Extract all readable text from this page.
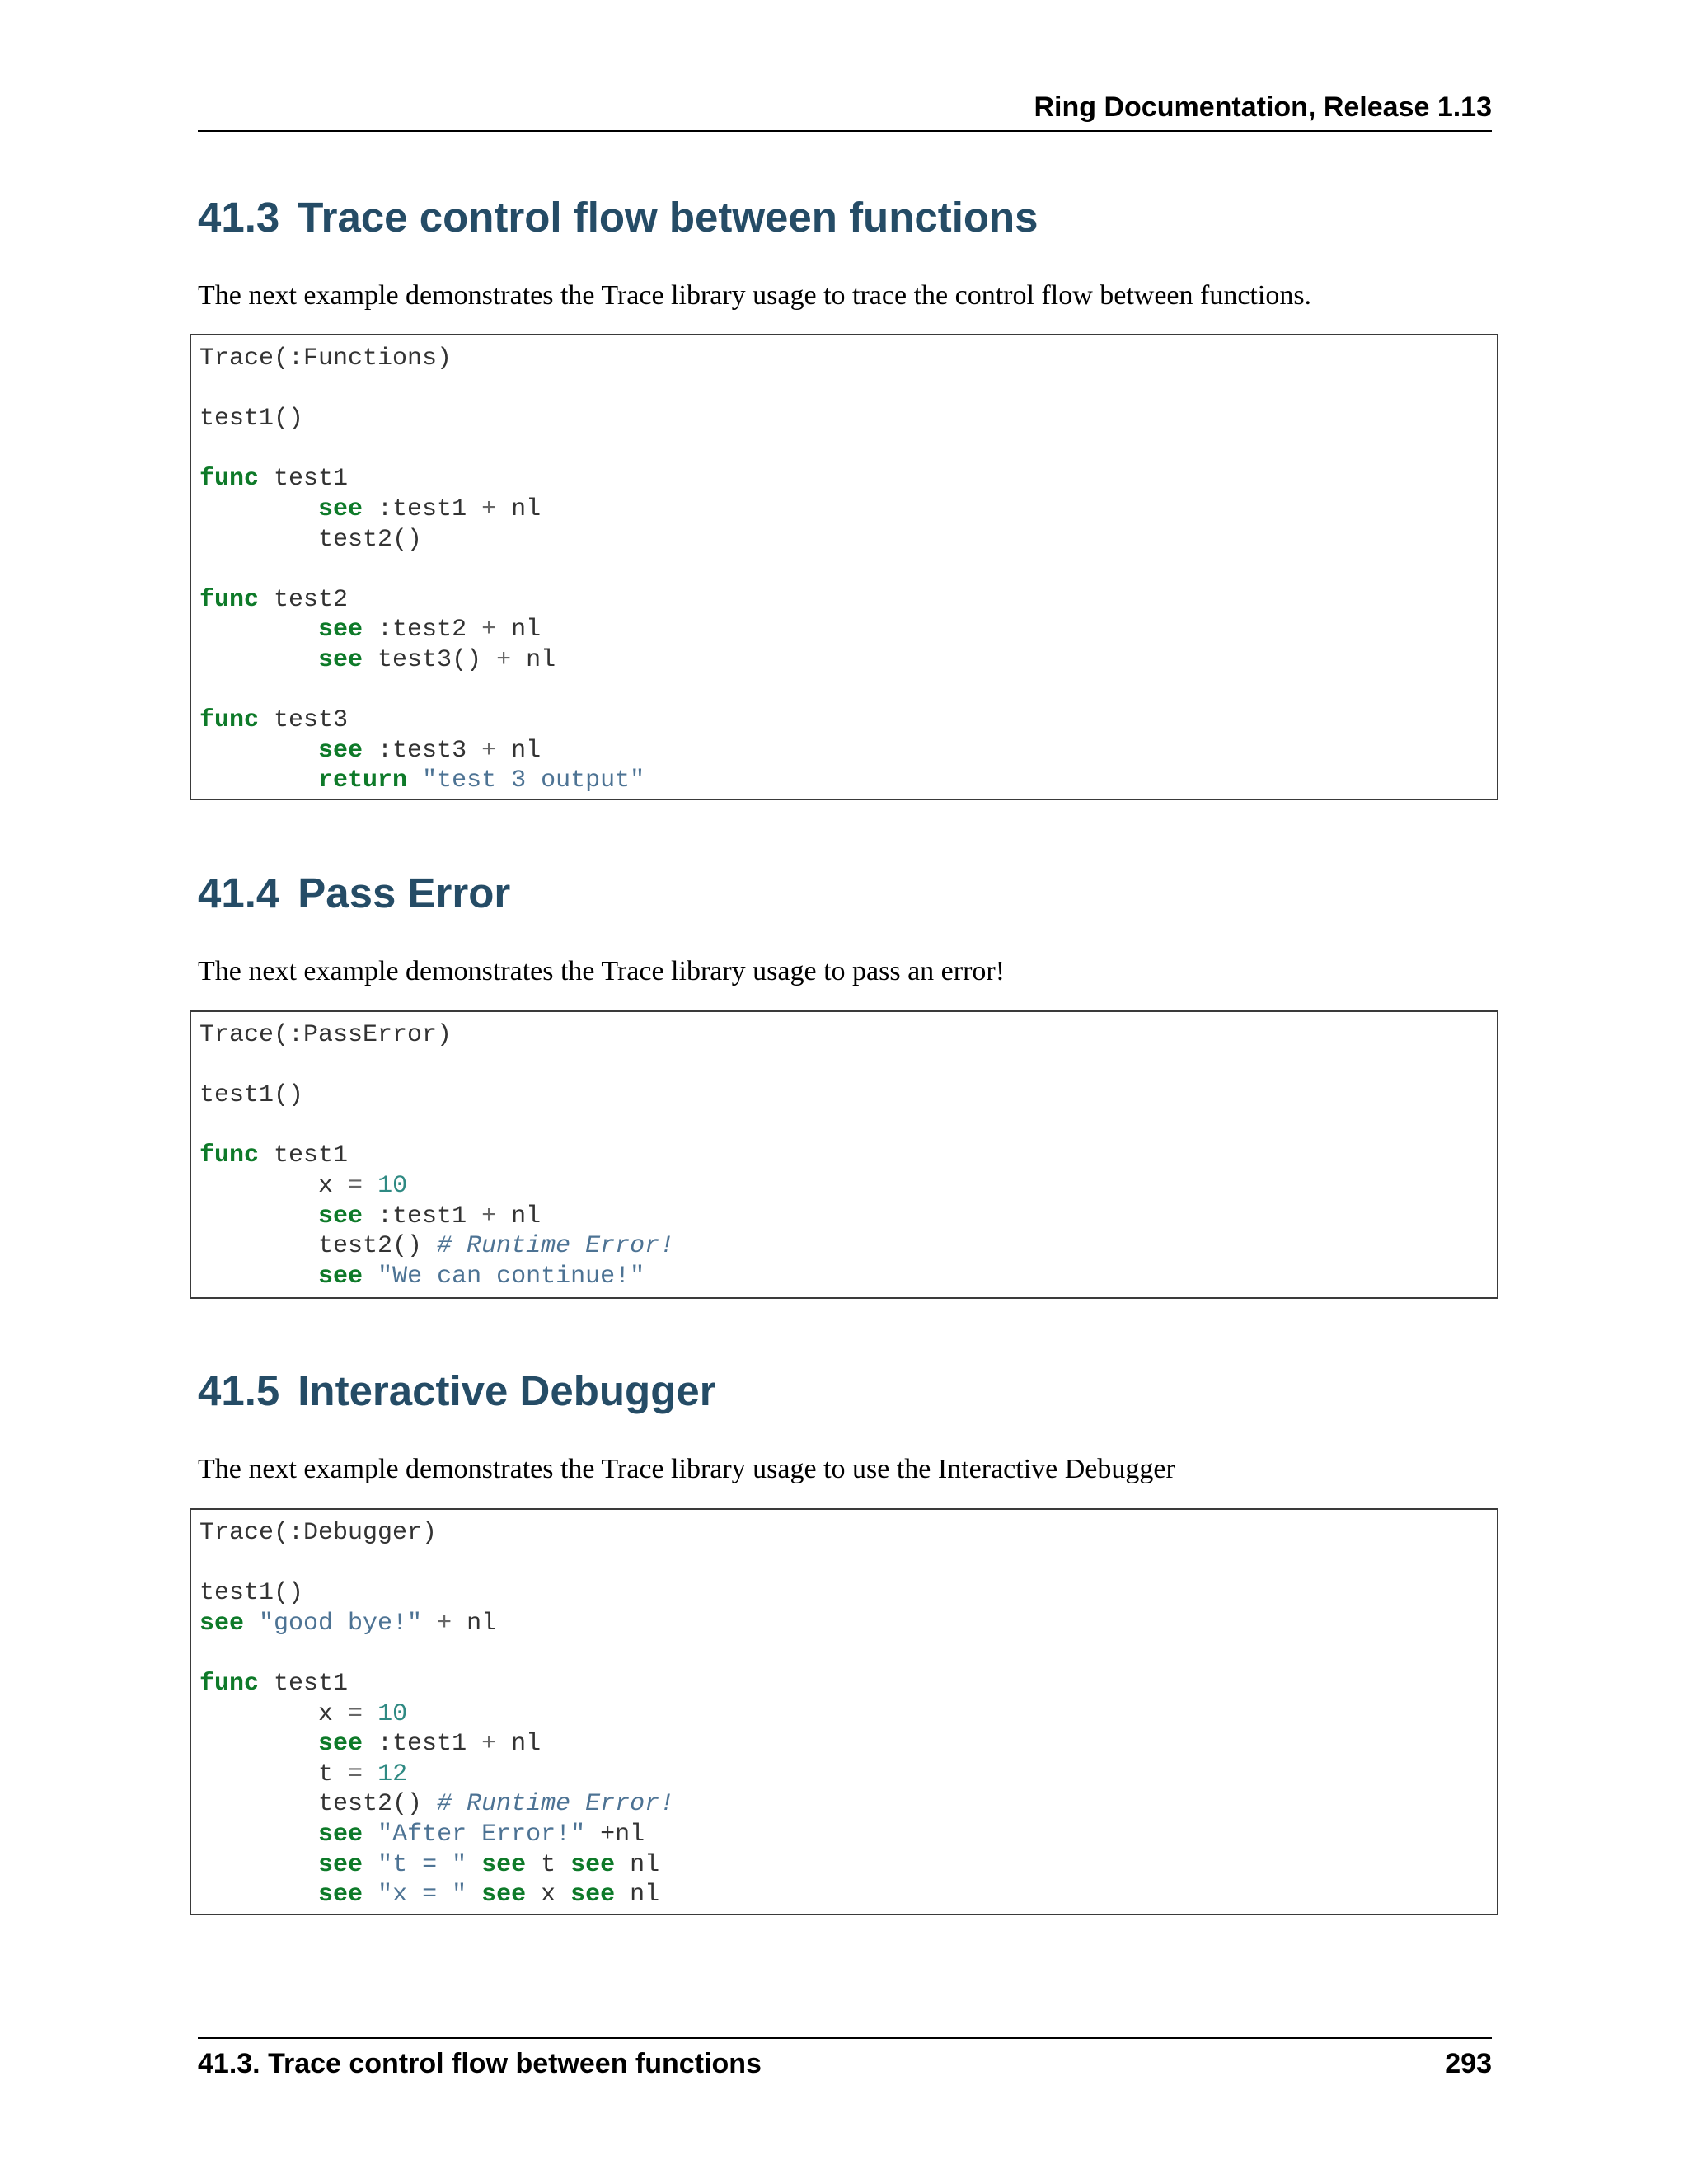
Ring Documentation, Release 1.13
41.3 Trace control flow between functions

The next example demonstrates the Trace library usage to trace the control flow between functions.

Trace(:Functions)

test1()

func test1
see :test1 + nl
test2()

func test2
see :test2 + nl
see test3() + nl

func test3
see :test3 + nl
return "test 3 output"
41.4 Pass Error

The next example demonstrates the Trace library usage to pass an error!

Trace(:PassError)

test1()

func test1
x = 10
see :test1 + nl
test2() # Runtime Error!
see "We can continue!"
41.5 Interactive Debugger

The next example demonstrates the Trace library usage to use the Interactive Debugger

Trace(:Debugger)

test1()
see "good bye!" + nl

func test1
x = 10
see :test1 + nl
t = 12
test2() # Runtime Error!
see "After Error!" +nl
see "t = " see t see nl
see "x = " see x see nl
41.3. Trace control flow between functions	293
